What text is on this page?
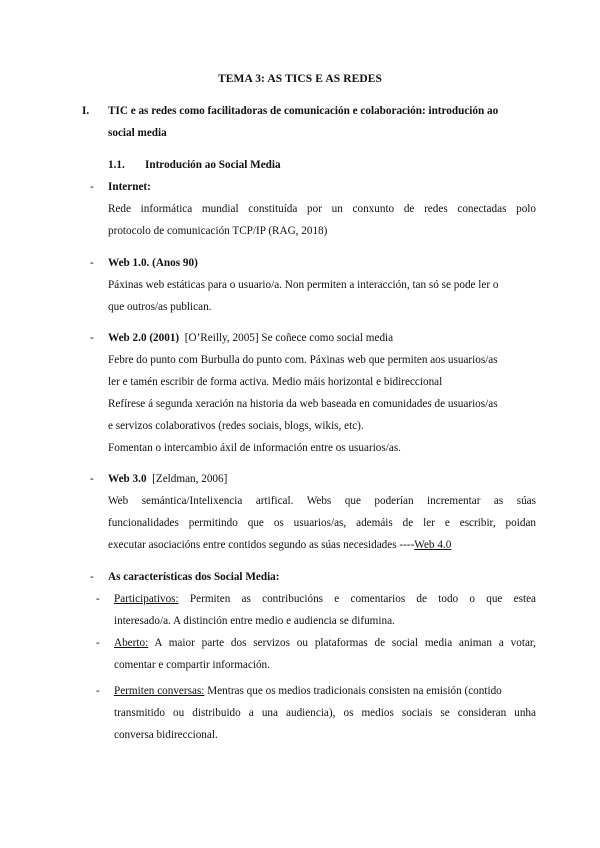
TEMA 3: AS TICS E AS REDES
I. TIC e as redes como facilitadoras de comunicación e colaboración: introdución ao
social media
1.1. Introdución ao Social Media
- Internet:
Rede informática mundial constituída por un conxunto de redes conectadas polo
protocolo de comunicación TCP/IP (RAG, 2018)
- Web 1.0. (Anos 90)
Páxinas web estáticas para o usuario/a. Non permiten a interacción, tan só se pode ler o
que outros/as publican.
- Web 2.0 (2001) [O’Reilly, 2005] Se coñece como social media
Febre do punto com Burbulla do punto com. Páxinas web que permiten aos usuarios/as
ler e tamén escribir de forma activa. Medio máis horizontal e bidireccional
Refírese á segunda xeración na historia da web baseada en comunidades de usuarios/as
e servizos colaborativos (redes sociais, blogs, wikis, etc).
Fomentan o intercambio áxil de información entre os usuarios/as.
- Web 3.0 [Zeldman, 2006]
Web semántica/Intelixencia artifical. Webs que poderían incrementar as súas
funcionalidades permitindo que os usuarios/as, ademáis de ler e escribir, poidan
executar asociacións entre contidos segundo as súas necesidades ----Web 4.0
- As características dos Social Media:
- Participativos: Permiten as contribucións e comentarios de todo o que estea
interesado/a. A distinción entre medio e audiencia se difumina.
- Aberto: A maior parte dos servizos ou plataformas de social media animan a votar,
comentar e compartir información.
- Permiten conversas: Mentras que os medios tradicionais consisten na emisión (contido
transmitido ou distribuido a una audiencia), os medios sociais se consideran unha
conversa bidireccional.
